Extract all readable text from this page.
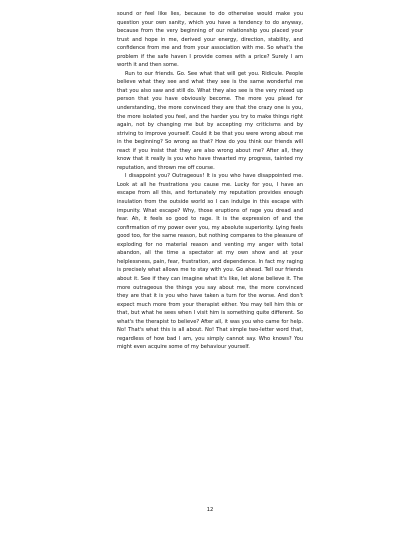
sound or feel like lies, because to do otherwise would make you question your own sanity, which you have a tendency to do anyway, because from the very beginning of our relationship you placed your trust and hope in me, derived your energy, direction, stability, and confidence from me and from your association with me. So what's the problem if the safe haven I provide comes with a price? Surely I am worth it and then some.

Run to our friends. Go. See what that will get you. Ridicule. People believe what they see and what they see is the same wonderful me that you also saw and still do. What they also see is the very mixed up person that you have obviously become. The more you plead for understanding, the more convinced they are that the crazy one is you, the more isolated you feel, and the harder you try to make things right again, not by changing me but by accepting my criticisms and by striving to improve yourself. Could it be that you were wrong about me in the beginning? So wrong as that? How do you think our friends will react if you insist that they are also wrong about me? After all, they know that it really is you who have thwarted my progress, tainted my reputation, and thrown me off course.

I disappoint you? Outrageous! It is you who have disappointed me. Look at all he frustrations you cause me. Lucky for you, I have an escape from all this, and fortunately my reputation provides enough insulation from the outside world so I can indulge in this escape with impunity. What escape? Why, those eruptions of rage you dread and fear. Ah, it feels so good to rage. It is the expression of and the confirmation of my power over you, my absolute superiority. Lying feels good too, for the same reason, but nothing compares to the pleasure of exploding for no material reason and venting my anger with total abandon, all the time a spectator at my own show and at your helplessness, pain, fear, frustration, and dependence. In fact my raging is precisely what allows me to stay with you. Go ahead. Tell our friends about it. See if they can imagine what it's like, let alone believe it. The more outrageous the things you say about me, the more convinced they are that it is you who have taken a turn for the worse. And don't expect much more from your therapist either. You may tell him this or that, but what he sees when I visit him is something quite different. So what's the therapist to believe? After all, it was you who came for help. No! That's what this is all about. No! That simple two-letter word that, regardless of how bad I am, you simply cannot say. Who knows? You might even acquire some of my behaviour yourself.

12
